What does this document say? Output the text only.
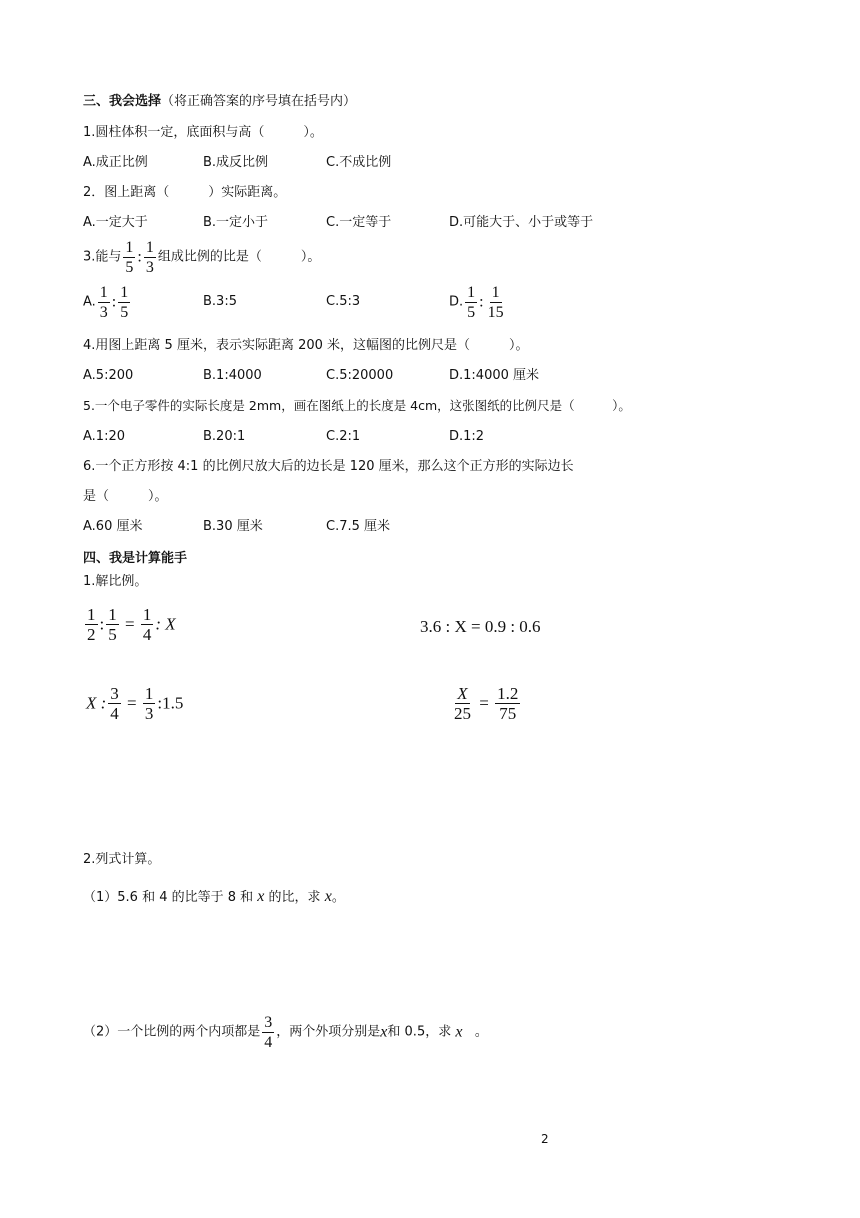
三、我会选择（将正确答案的序号填在括号内）
1.圆柱体积一定，底面积与高（　　　）。
A.成正比例	B.成反比例	C.不成比例
2．图上距离（　　　）实际距离。
A.一定大于	B.一定小于	C.一定等于	D.可能大于、小于或等于
3.能与 $\frac{1}{5}$ : $\frac{1}{3}$ 组成比例的比是（　　　）。
A. $\frac{1}{3}$ : $\frac{1}{5}$	B.3:5	C.5:3	D. $\frac{1}{5}$ : $\frac{1}{15}$
4.用图上距离 5 厘米，表示实际距离 200 米，这幅图的比例尺是（　　　）。
A.5:200	B.1:4000	C.5:20000	D.1:4000 厘米
5.一个电子零件的实际长度是 2mm，画在图纸上的长度是 4cm，这张图纸的比例尺是（　　　）。
A.1:20	B.20:1	C.2:1	D.1:2
6.一个正方形按 4:1 的比例尺放大后的边长是 120 厘米，那么这个正方形的实际边长
是（　　　）。
A.60 厘米	B.30 厘米	C.7.5 厘米
四、我是计算能手
1.解比例。
$\frac{1}{2}$ : $\frac{1}{5} = \frac{1}{4}$ : X	3.6 : X = 0.9 : 0.6
X : $\frac{3}{4} = \frac{1}{3}$ :1.5	$\frac{X}{25} = \frac{1.2}{75}$
2.列式计算。
（1）5.6 和 4 的比等于 8 和 x 的比，求 x。
（2）一个比例的两个内项都是 $\frac{3}{4}$ ，两个外项分别是x和 0.5，求 x 。
2
